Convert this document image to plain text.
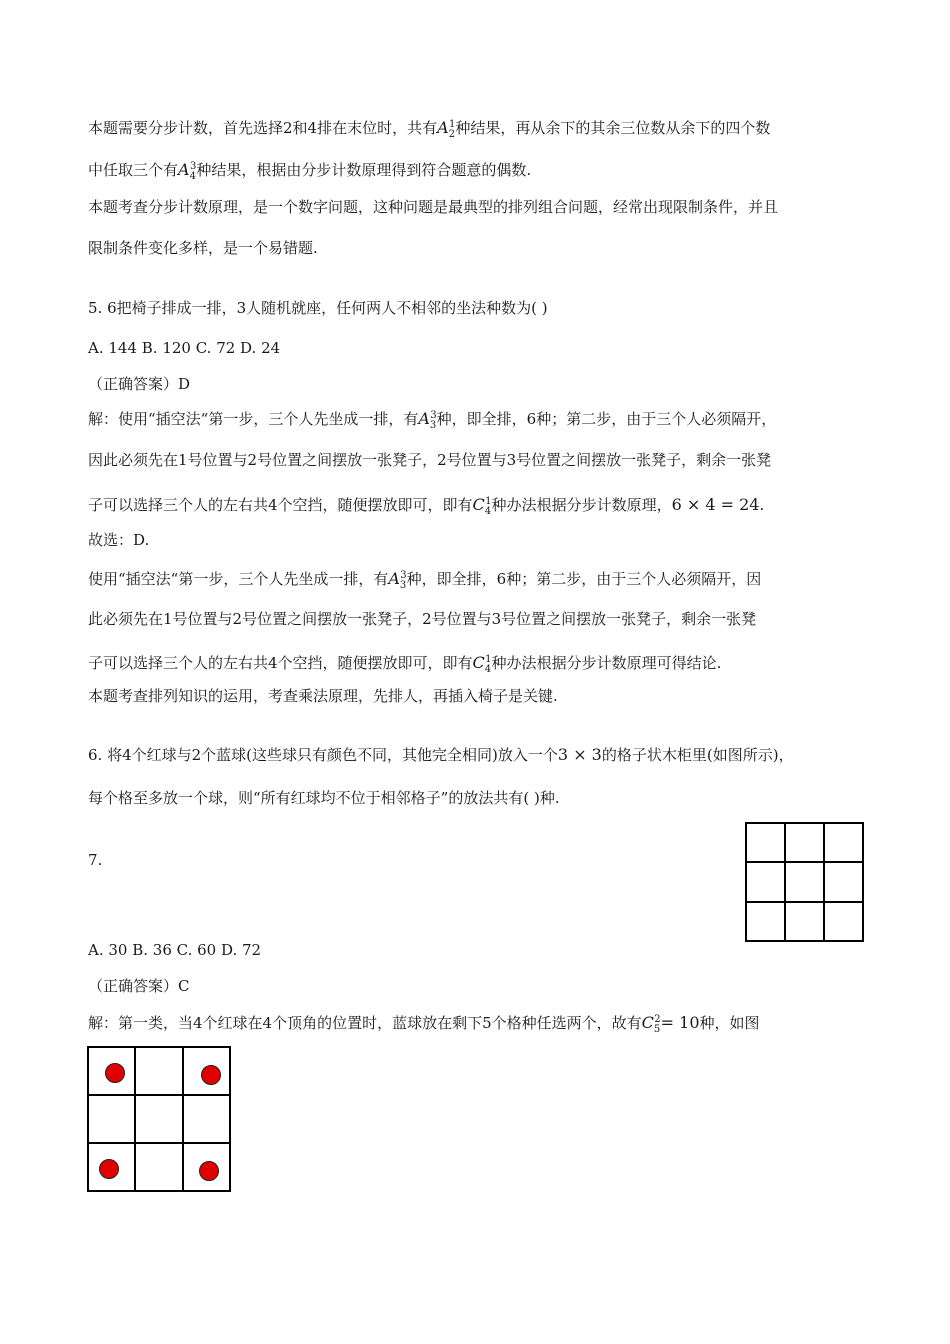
本题需要分步计数，首先选择2和4排在末位时，共有$A_2^1$种结果，再从余下的其余三位数从余下的四个数
中任取三个有$A_4^3$种结果，根据由分步计数原理得到符合题意的偶数.
本题考查分步计数原理，是一个数字问题，这种问题是最典型的排列组合问题，经常出现限制条件，并且
限制条件变化多样，是一个易错题.
5. 6把椅子排成一排，3人随机就座，任何两人不相邻的坐法种数为( )
A. 144 B. 120 C. 72 D. 24
（正确答案）D
解：使用“插空法“第一步，三个人先坐成一排，有$A_3^3$种，即全排，6种；第二步，由于三个人必须隔开，
因此必须先在1号位置与2号位置之间摆放一张凳子，2号位置与3号位置之间摆放一张凳子，剩余一张凳
子可以选择三个人的左右共4个空挡，随便摆放即可，即有$C_4^1$种办法根据分步计数原理，6 × 4 = 24.
故选：D.
使用“插空法“第一步，三个人先坐成一排，有$A_3^3$种，即全排，6种；第二步，由于三个人必须隔开，因
此必须先在1号位置与2号位置之间摆放一张凳子，2号位置与3号位置之间摆放一张凳子，剩余一张凳
子可以选择三个人的左右共4个空挡，随便摆放即可，即有$C_4^1$种办法根据分步计数原理可得结论.
本题考查排列知识的运用，考查乘法原理，先排人，再插入椅子是关键.
6. 将4个红球与2个蓝球(这些球只有颜色不同，其他完全相同)放入一个3 × 3的格子状木柜里(如图所示)，
每个格至多放一个球，则“所有红球均不位于相邻格子”的放法共有( )种.
7.
A. 30 B. 36 C. 60 D. 72
（正确答案）C
解：第一类，当4个红球在4个顶角的位置时，蓝球放在剩下5个格种任选两个，故有$C_5^2= 10$种，如图
